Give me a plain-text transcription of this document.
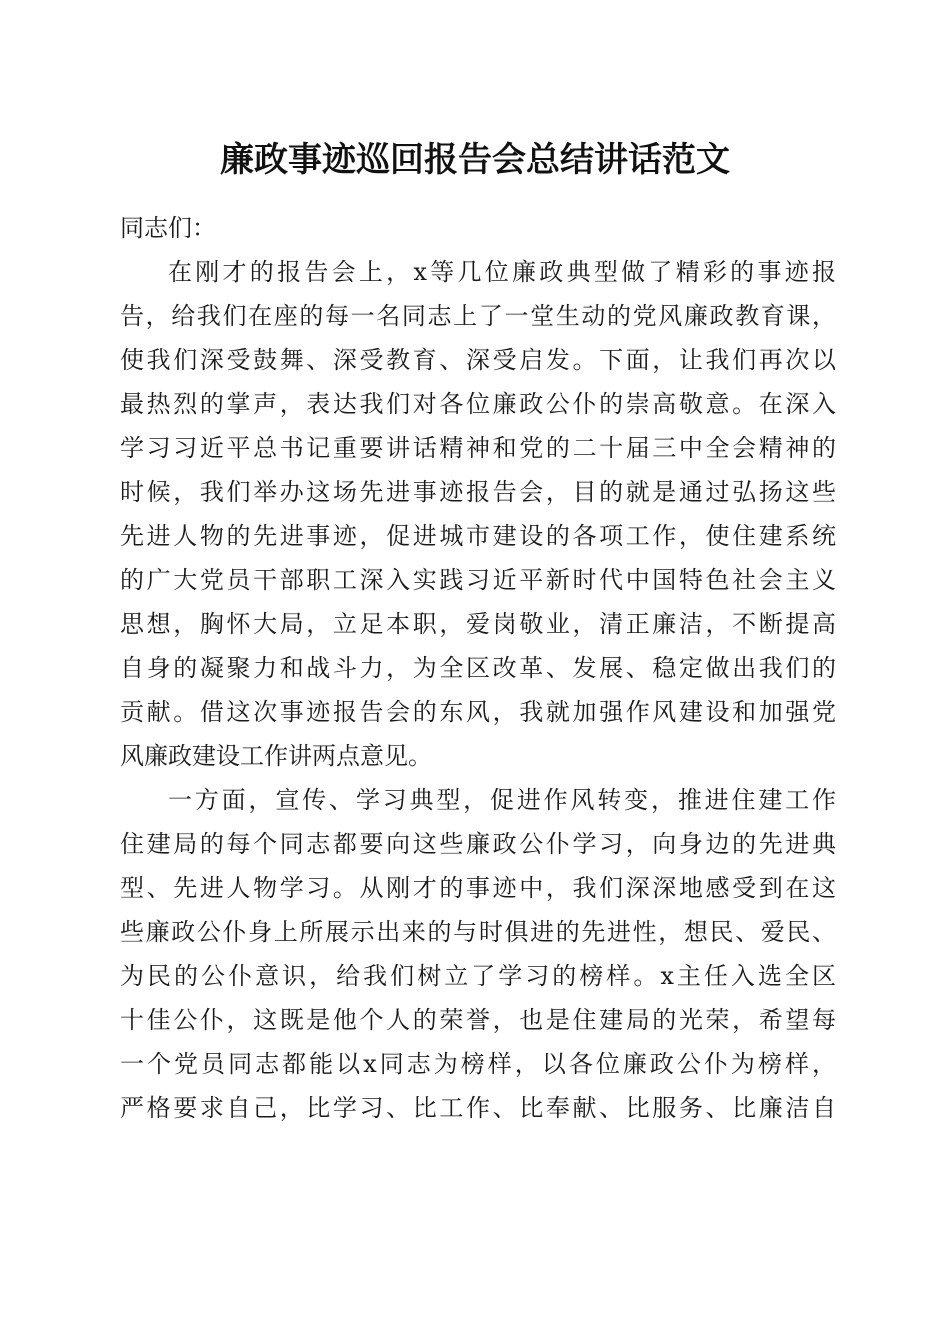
廉政事迹巡回报告会总结讲话范文

同志们：

在刚才的报告会上，x等几位廉政典型做了精彩的事迹报
告，给我们在座的每一名同志上了一堂生动的党风廉政教育课，
使我们深受鼓舞、深受教育、深受启发。下面，让我们再次以
最热烈的掌声，表达我们对各位廉政公仆的崇高敬意。在深入
学习习近平总书记重要讲话精神和党的二十届三中全会精神的
时候，我们举办这场先进事迹报告会，目的就是通过弘扬这些
先进人物的先进事迹，促进城市建设的各项工作，使住建系统
的广大党员干部职工深入实践习近平新时代中国特色社会主义
思想，胸怀大局，立足本职，爱岗敬业，清正廉洁，不断提高
自身的凝聚力和战斗力，为全区改革、发展、稳定做出我们的
贡献。借这次事迹报告会的东风，我就加强作风建设和加强党
风廉政建设工作讲两点意见。
一方面，宣传、学习典型，促进作风转变，推进住建工作
住建局的每个同志都要向这些廉政公仆学习，向身边的先进典
型、先进人物学习。从刚才的事迹中，我们深深地感受到在这
些廉政公仆身上所展示出来的与时俱进的先进性，想民、爱民、
为民的公仆意识，给我们树立了学习的榜样。x主任入选全区
十佳公仆，这既是他个人的荣誉，也是住建局的光荣，希望每
一个党员同志都能以x同志为榜样，以各位廉政公仆为榜样，
严格要求自己，比学习、比工作、比奉献、比服务、比廉洁自
